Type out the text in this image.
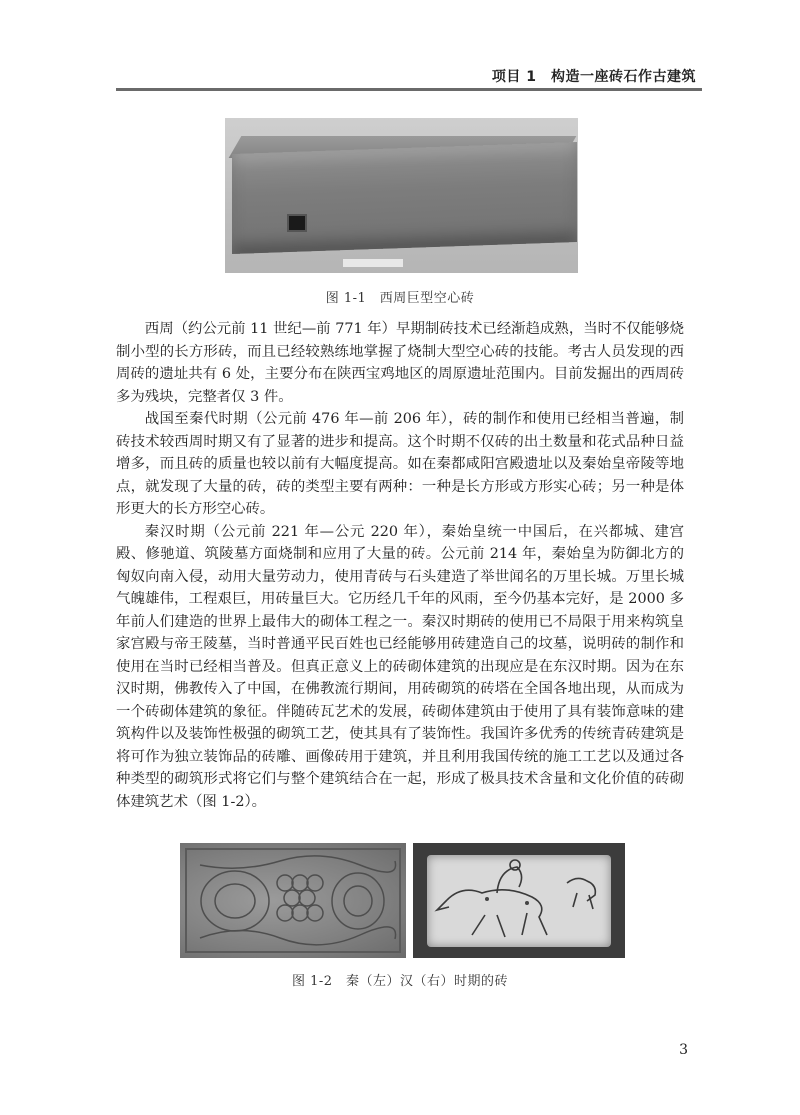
项目 1　构造一座砖石作古建筑
图 1-1　西周巨型空心砖

西周（约公元前 11 世纪—前 771 年）早期制砖技术已经渐趋成熟，当时不仅能够烧制小型的长方形砖，而且已经较熟练地掌握了烧制大型空心砖的技能。考古人员发现的西周砖的遗址共有 6 处，主要分布在陕西宝鸡地区的周原遗址范围内。目前发掘出的西周砖多为残块，完整者仅 3 件。

战国至秦代时期（公元前 476 年—前 206 年），砖的制作和使用已经相当普遍，制砖技术较西周时期又有了显著的进步和提高。这个时期不仅砖的出土数量和花式品种日益增多，而且砖的质量也较以前有大幅度提高。如在秦都咸阳宫殿遗址以及秦始皇帝陵等地点，就发现了大量的砖，砖的类型主要有两种：一种是长方形或方形实心砖；另一种是体形更大的长方形空心砖。

秦汉时期（公元前 221 年—公元 220 年），秦始皇统一中国后，在兴都城、建宫殿、修驰道、筑陵墓方面烧制和应用了大量的砖。公元前 214 年，秦始皇为防御北方的匈奴向南入侵，动用大量劳动力，使用青砖与石头建造了举世闻名的万里长城。万里长城气魄雄伟，工程艰巨，用砖量巨大。它历经几千年的风雨，至今仍基本完好，是 2000 多年前人们建造的世界上最伟大的砌体工程之一。秦汉时期砖的使用已不局限于用来构筑皇家宫殿与帝王陵墓，当时普通平民百姓也已经能够用砖建造自己的坟墓，说明砖的制作和使用在当时已经相当普及。但真正意义上的砖砌体建筑的出现应是在东汉时期。因为在东汉时期，佛教传入了中国，在佛教流行期间，用砖砌筑的砖塔在全国各地出现，从而成为一个砖砌体建筑的象征。伴随砖瓦艺术的发展，砖砌体建筑由于使用了具有装饰意味的建筑构件以及装饰性极强的砌筑工艺，使其具有了装饰性。我国许多优秀的传统青砖建筑是将可作为独立装饰品的砖雕、画像砖用于建筑，并且利用我国传统的施工工艺以及通过各种类型的砌筑形式将它们与整个建筑结合在一起，形成了极具技术含量和文化价值的砖砌体建筑艺术（图 1-2）。

图 1-2　秦（左）汉（右）时期的砖
3
